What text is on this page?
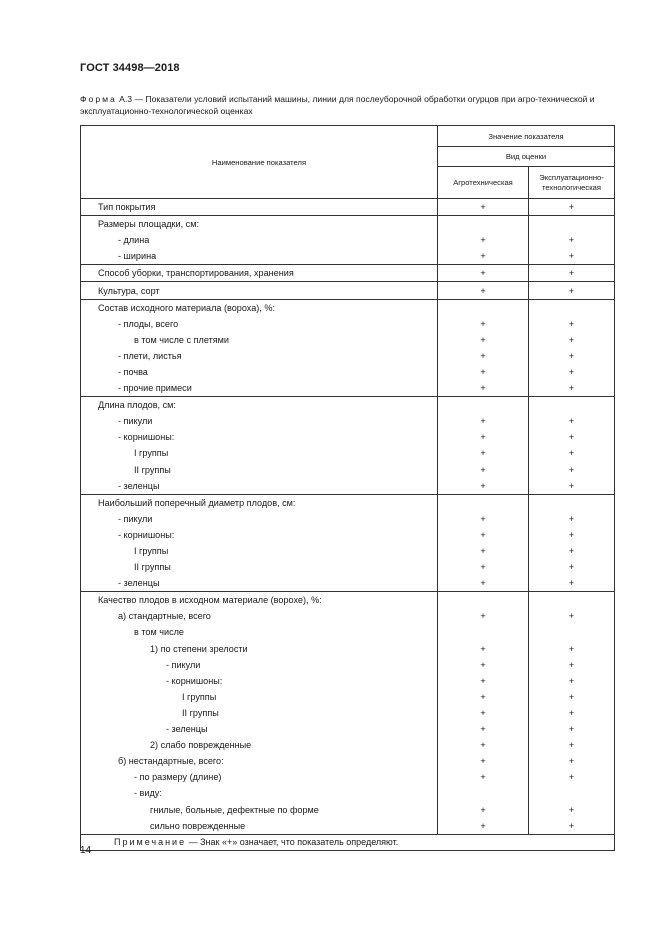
ГОСТ 34498—2018
Форма А.3 — Показатели условий испытаний машины, линии для послеуборочной обработки огурцов при агро-технической и эксплуатационно-технологической оценках
Наименование показателя	Значение показателя	
	Вид оценки	
	Агротехническая	Эксплуатационно-технологическая
Тип покрытия	+	+
Размеры площадки, см:		
- длина	+	+
- ширина	+	+
Способ уборки, транспортирования, хранения	+	+
Культура, сорт	+	+
Состав исходного материала (вороха), %:		
- плоды, всего	+	+
в том числе с плетями	+	+
- плети, листья	+	+
- почва	+	+
- прочие примеси	+	+
Длина плодов, см:		
- пикули	+	+
- корнишоны:	+	+
I группы	+	+
II группы	+	+
- зеленцы	+	+
Наибольший поперечный диаметр плодов, см:		
- пикули	+	+
- корнишоны:	+	+
I группы	+	+
II группы	+	+
- зеленцы	+	+
Качество плодов в исходном материале (ворохе), %:		
а) стандартные, всего	+	+
в том числе		
1) по степени зрелости	+	+
- пикули	+	+
- корнишоны:	+	+
I группы	+	+
II группы	+	+
- зеленцы	+	+
2) слабо поврежденные	+	+
б) нестандартные, всего:	+	+
- по размеру (длине)	+	+
- виду:		
гнилые, больные, дефектные по форме	+	+
сильно поврежденные	+	+
Примечание — Знак «+» означает, что показатель определяют.		
14
